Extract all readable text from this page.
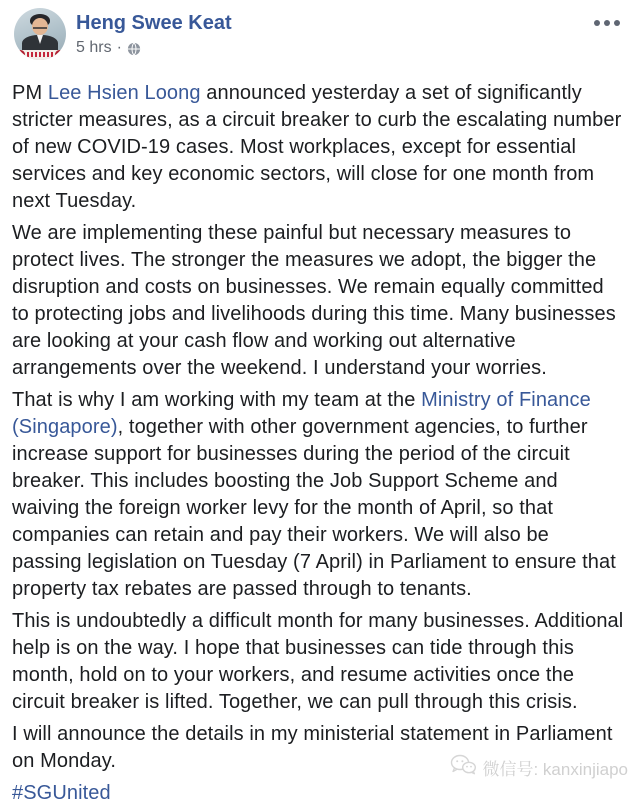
Heng Swee Keat
5 hrs ·

PM Lee Hsien Loong announced yesterday a set of significantly stricter measures, as a circuit breaker to curb the escalating number of new COVID-19 cases. Most workplaces, except for essential services and key economic sectors, will close for one month from next Tuesday.

We are implementing these painful but necessary measures to protect lives. The stronger the measures we adopt, the bigger the disruption and costs on businesses. We remain equally committed to protecting jobs and livelihoods during this time. Many businesses are looking at your cash flow and working out alternative arrangements over the weekend. I understand your worries.

That is why I am working with my team at the Ministry of Finance (Singapore), together with other government agencies, to further increase support for businesses during the period of the circuit breaker. This includes boosting the Job Support Scheme and waiving the foreign worker levy for the month of April, so that companies can retain and pay their workers. We will also be passing legislation on Tuesday (7 April) in Parliament to ensure that property tax rebates are passed through to tenants.

This is undoubtedly a difficult month for many businesses. Additional help is on the way. I hope that businesses can tide through this month, hold on to your workers, and resume activities once the circuit breaker is lifted. Together, we can pull through this crisis.

I will announce the details in my ministerial statement in Parliament on Monday.

#SGUnited

微信号: kanxinjiapo
